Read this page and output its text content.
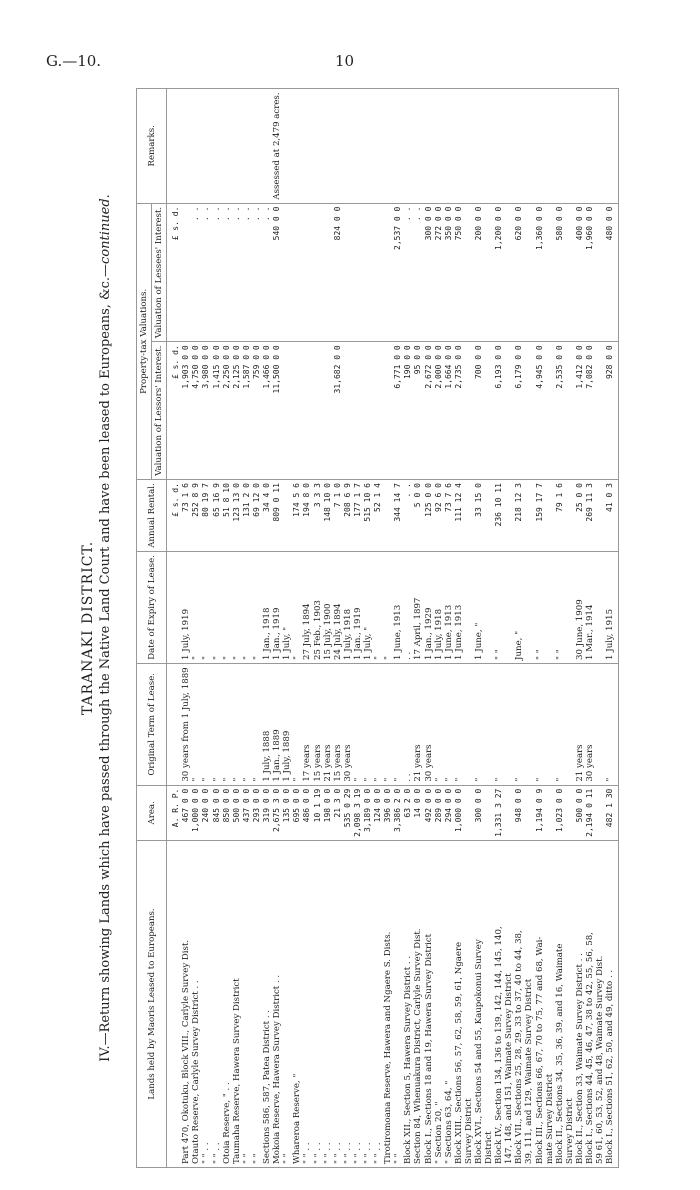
G.—10.	10
TARANAKI DISTRICT. IV.—Return showing Lands which have passed through the Native Land Court and have been leased to Europeans, &c.—continued.
Lands held by Maoris Leased to Europeans.	Area.	Original Term of Lease.	Date of Expiry of Lease.	Annual Rental.	Property-tax Valuations.		Remarks.
					Valuation of Lessors' Interest.	Valuation of Lessees' Interest.	
	A. R. P.			£ s. d.	£ s. d.	£ s. d.	
Part 470, Okotuku, Block VIII., Carlyle Survey Dist.	467 0 0	30 years from 1 July, 1889	1 July, 1919	73 1 6	1,903 0 0		
Otauto Reserve, Carlyle Survey District . .	1,000 0 0	"	"	252 8 9	4,750 0 0	. .	
" " . .	240 0 0	"	"	80 19 7	3,980 0 0	. .	
" " . .	845 0 0	"	"	65 16 9	1,415 0 0	. .	
Otoia Reserve, " . .	850 0 0	"	"	51 8 10	2,250 0 0	. .	
Taumaha Reserve, Hawera Survey District	500 0 0	"	"	123 13 0	2,125 0 0	. .	
" "	437 0 0	"	"	131 2 0	1,587 0 0	. .	
" "	293 0 0	"	"	69 12 0	759 0 0	. .	
Sections 586, 587, Patea District . .	319 0 0	1 July, 1888	1 Jan., 1918	34 4 0	1,466 0 0	. .	
Mokoia Reserve, Hawera Survey District . .	2,675 3 0	1 Jan., 1889	1 Jan., 1919	809 0 11	11,500 0 0	540 0 0	Assessed at 2,479 acres.
" "	135 0 0	1 July, 1889	1 July, "				
Whareroa Reserve, "	695 0 0	"	"	174 5 6			
" " . .	486 0 0	17 years	27 July, 1894	194 8 0			
" " . .	10 1 19	15 years	25 Feb., 1903	3 3 3			
" " . .	198 0 0	21 years	15 July, 1900	148 10 0			
" " . .	21 3 0	15 years	24 July, 1894	7 1 0	31,682 0 0	824 0 0	
" " . .	535 0 29	30 years	1 July, 1918	208 6 9			
" " . .	2,098 3 19	"	1 Jan., 1919	177 1 7			
" " . .	3,189 0 0	"	1 July, "	515 10 6			
" " . .	124 0 0	"	"	52 1 4			
Tirotiromoana Reserve, Hawera and Ngaere S. Dists.	396 0 0	"	"				
" "	3,386 2 0	"	1 June, 1913	344 14 7	6,771 0 0	2,537 0 0	
Block XII., Section 5, Hawera Survey District . .	63 2 0	. .	. .	. .	190 0 0	. .	
Section 84, Whenuakura District, Carlyle Survey Dist.	14 0 0	21 years	17 April, 1897	5 0 0	95 0 0	. .	
Block I., Sections 18 and 19, Hawera Survey District	492 0 0	30 years	1 Jan., 1929	125 0 0	2,672 0 0	300 0 0	
" Section 20, "	289 0 0	"	1 July, 1918	92 6 0	2,000 0 0	272 0 0	
" Sections 63, 64, "	294 0 0	"	1 June, 1913	73 7 6	1,664 0 0	350 0 0	
Block XIII., Sections 56, 57, 62, 58, 59, 61, Ngaere	1,000 0 0	"	1 June, 1913	111 12 4	2,735 0 0	750 0 0	
Survey District							
Block XVI., Sections 54 and 55, Kaupokonui Survey	300 0 0	"	1 June, "	33 15 0	700 0 0	200 0 0	
District							
Block IV., Section 134, 136 to 139, 142, 144, 145, 140,	1,331 3 27	"	" "	236 10 11	6,193 0 0	1,200 0 0	
147, 148, and 151, Waimate Survey District							
Block VII., Sections 25, 28, 29, 33 to 37, 40 to 44, 38,	948 0 0	"	June, "	218 12 3	6,179 0 0	620 0 0	
39, 111, and 129, Waimate Survey District							
Block III., Sections 66, 67, 70 to 75, 77 and 68, Wai-	1,194 0 9	"	" "	159 17 7	4,945 0 0	1,360 0 0	
mate Survey District							
Block II., Sections 34, 35, 36, 39, and 16, Waimate	1,023 0 0	"	" "	79 1 6	2,535 0 0	580 0 0	
Survey District							
Block II., Section 33, Waimate Survey District . .	500 0 0	21 years	30 June, 1909	25 0 0	1,412 0 0	400 0 0	
Block I., Sections 44, 45, 46, 47, 38 to 42, 55, 56, 58,	2,194 0 11	30 years	1 Mar., 1914	269 11 3	7,082 0 0	1,960 0 0	
59 61, 60, 53, 52, and 48, Waimate Survey Dist.							
Block I., Sections 51, 62, 50, and 49, ditto . .	482 1 30	"	1 July, 1915	41 0 3	928 0 0	480 0 0	
